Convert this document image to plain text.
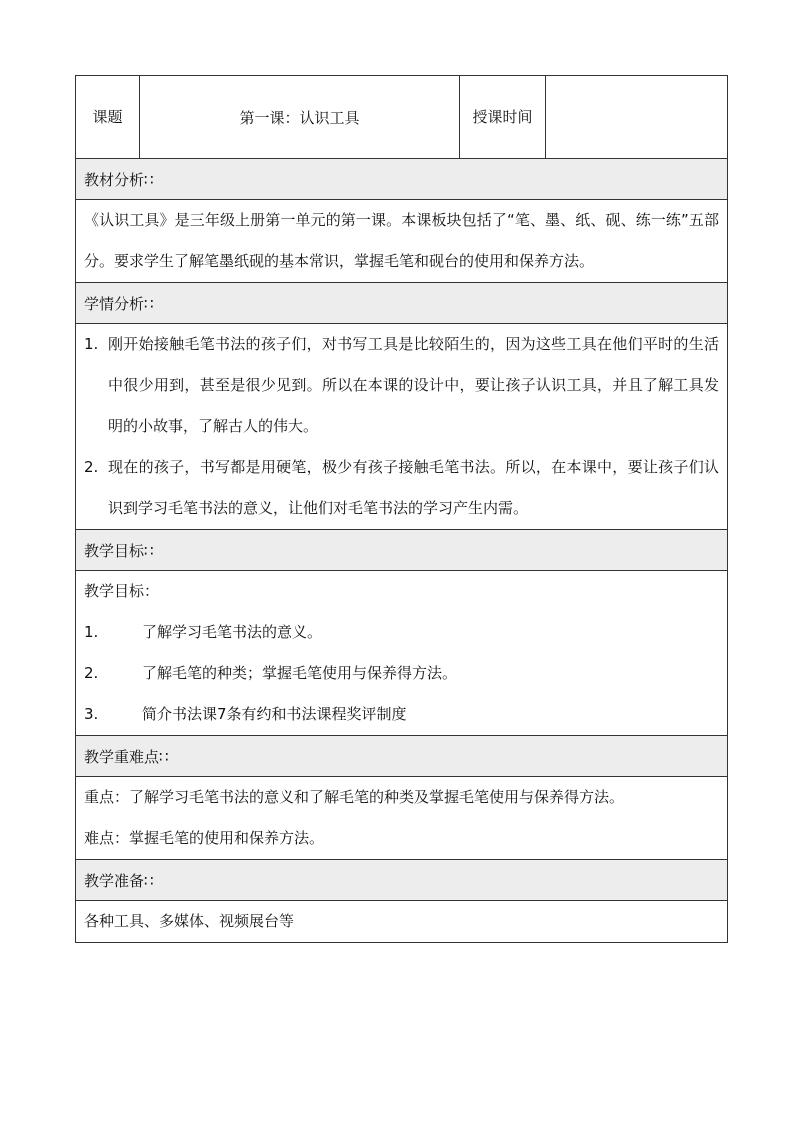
课题	第一课：认识工具	授课时间	
教材分析∷

《认识工具》是三年级上册第一单元的第一课。本课板块包括了“笔、墨、纸、砚、练一练”五部分。要求学生了解笔墨纸砚的基本常识，掌握毛笔和砚台的使用和保养方法。

学情分析∷

1. 刚开始接触毛笔书法的孩子们，对书写工具是比较陌生的，因为这些工具在他们平时的生活中很少用到，甚至是很少见到。所以在本课的设计中，要让孩子认识工具，并且了解工具发明的小故事，了解古人的伟大。
2. 现在的孩子，书写都是用硬笔，极少有孩子接触毛笔书法。所以，在本课中，要让孩子们认识到学习毛笔书法的意义，让他们对毛笔书法的学习产生内需。

教学目标∷

教学目标：
1.	了解学习毛笔书法的意义。
2.	了解毛笔的种类；掌握毛笔使用与保养得方法。
3.	简介书法课7条有约和书法课程奖评制度

教学重难点∷

重点：了解学习毛笔书法的意义和了解毛笔的种类及掌握毛笔使用与保养得方法。

难点：掌握毛笔的使用和保养方法。

教学准备∷

各种工具、多媒体、视频展台等
